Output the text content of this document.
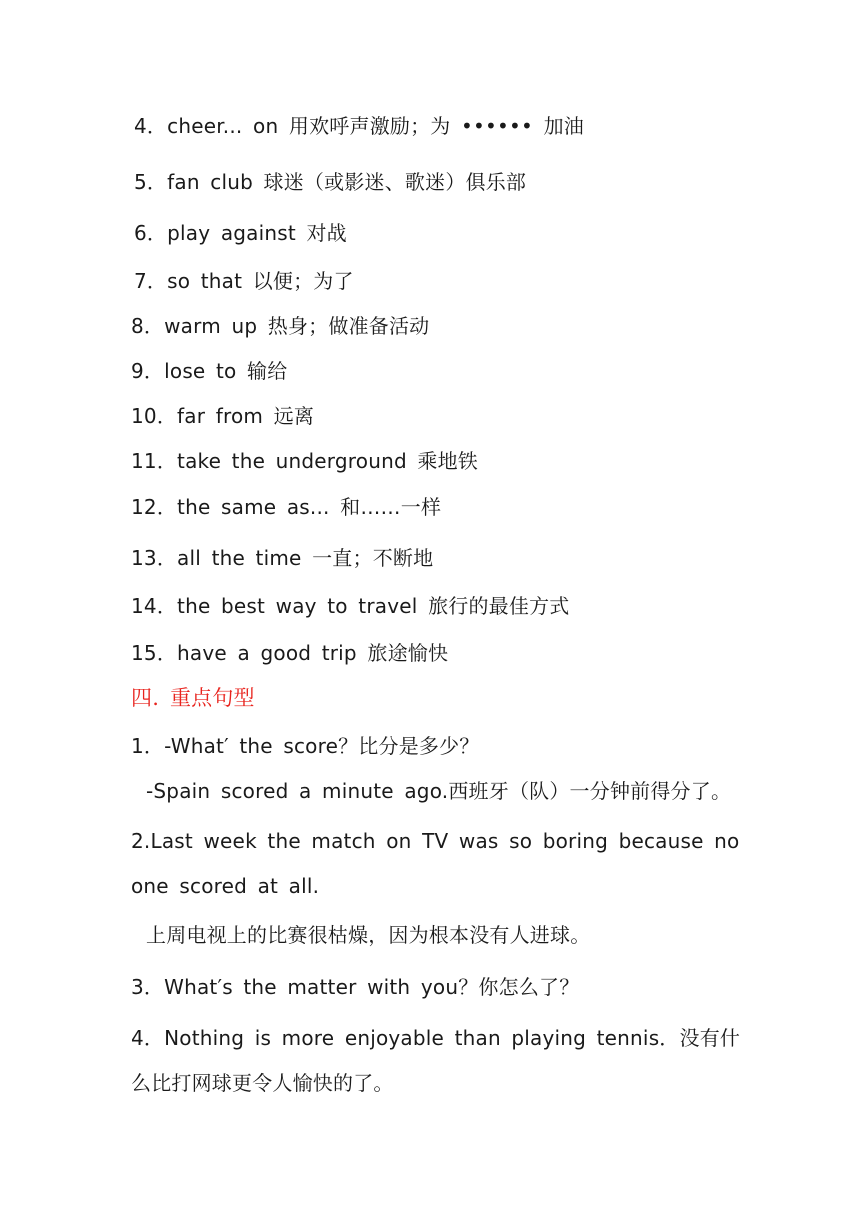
4．cheer... on 用欢呼声激励；为 •••••• 加油
5．fan club 球迷（或影迷、歌迷）俱乐部
6．play against 对战
7．so that 以便；为了
8．warm up 热身；做准备活动
9．lose to 输给
10．far from 远离
11．take the underground 乘地铁
12．the same as... 和……一样
13．all the time 一直；不断地
14．the best way to travel 旅行的最佳方式
15．have a good trip 旅途愉快
四. 重点句型
1．-What′ the score？比分是多少？
-Spain scored a minute ago.西班牙（队）一分钟前得分了。
2.Last week the match on TV was so boring because no
one scored at all.
上周电视上的比赛很枯燥，因为根本没有人进球。
3．What′s the matter with you？你怎么了？
4．Nothing is more enjoyable than playing tennis．没有什
么比打网球更令人愉快的了。
